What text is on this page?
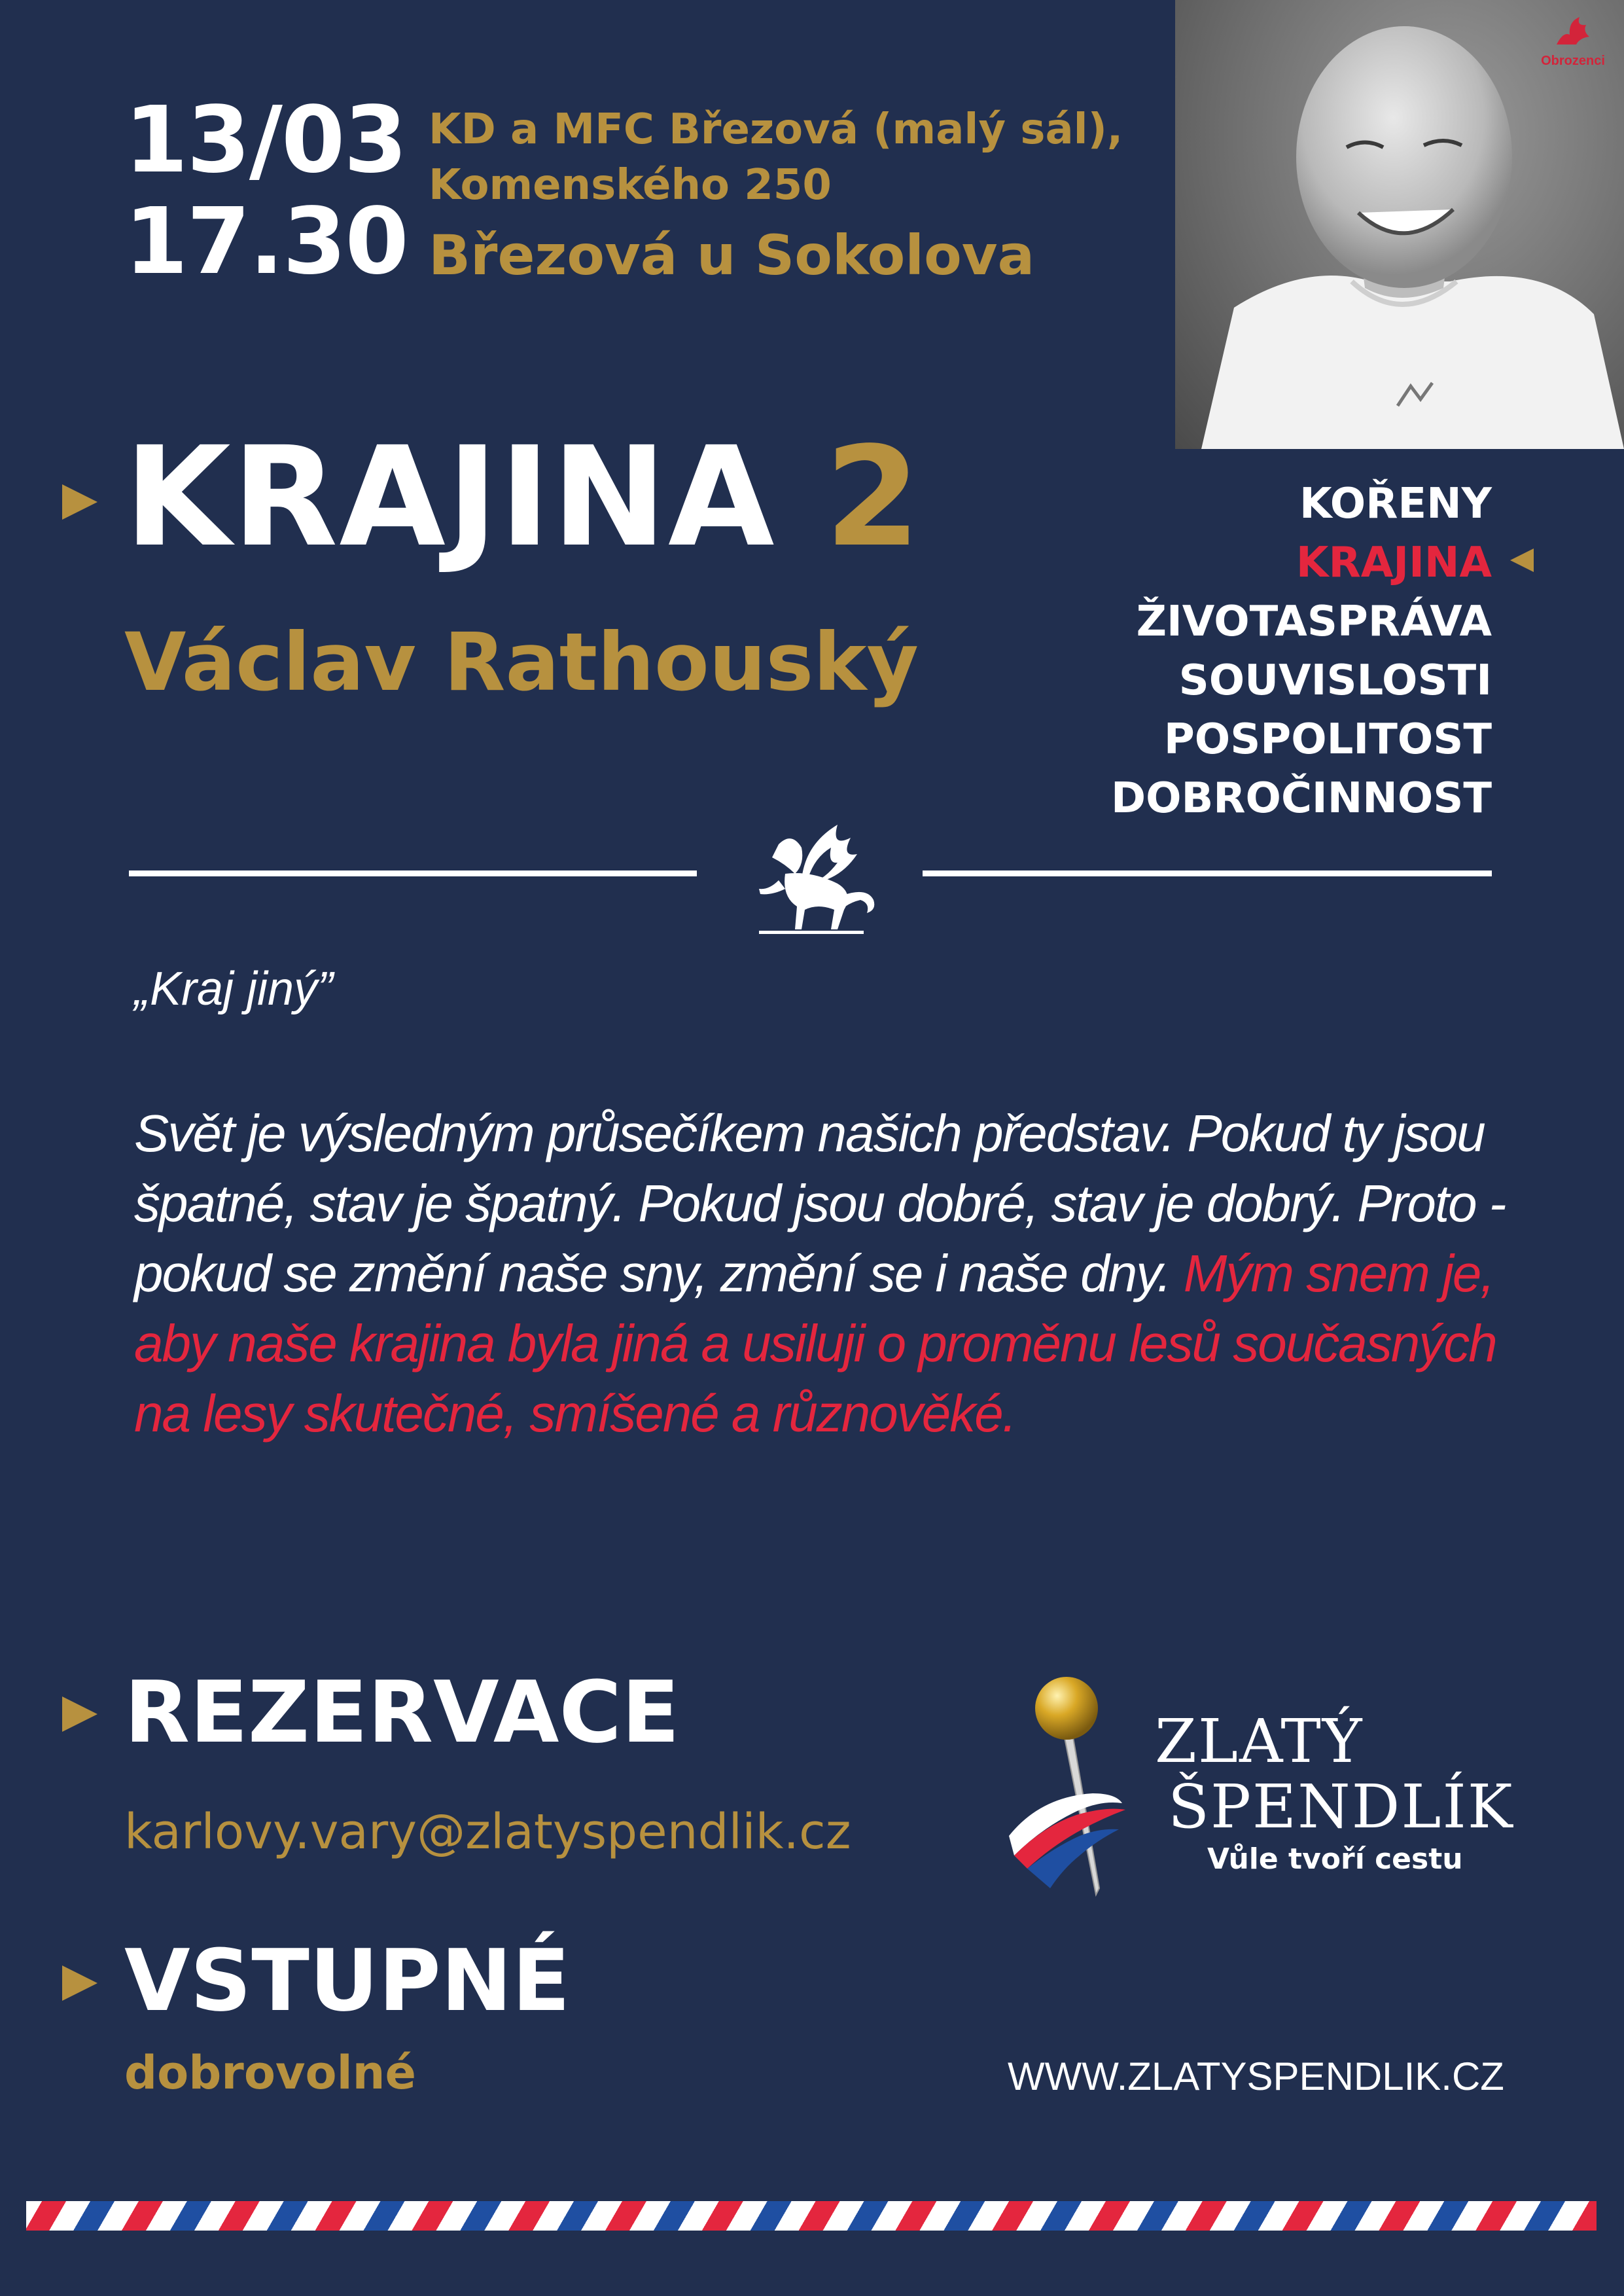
13/03
17.30
KD a MFC Březová (malý sál),
Komenského 250
Březová u Sokolova
Obrozenci
KRAJINA 2
Václav Rathouský
KOŘENY
KRAJINA
ŽIVOTASPRÁVA
SOUVISLOSTI
POSPOLITOST
DOBROČINNOST
„Kraj jiný”
Svět je výsledným průsečíkem našich představ. Pokud ty jsou špatné, stav je špatný. Pokud jsou dobré, stav je dobrý. Proto - pokud se změní naše sny, změní se i naše dny. Mým snem je, aby naše krajina byla jiná a usiluji o proměnu lesů současných na lesy skutečné, smíšené a různověké.
REZERVACE
karlovy.vary@zlatyspendlik.cz
VSTUPNÉ
dobrovolné
ZLATÝ
ŠPENDLÍK
Vůle tvoří cestu
WWW.ZLATYSPENDLIK.CZ
